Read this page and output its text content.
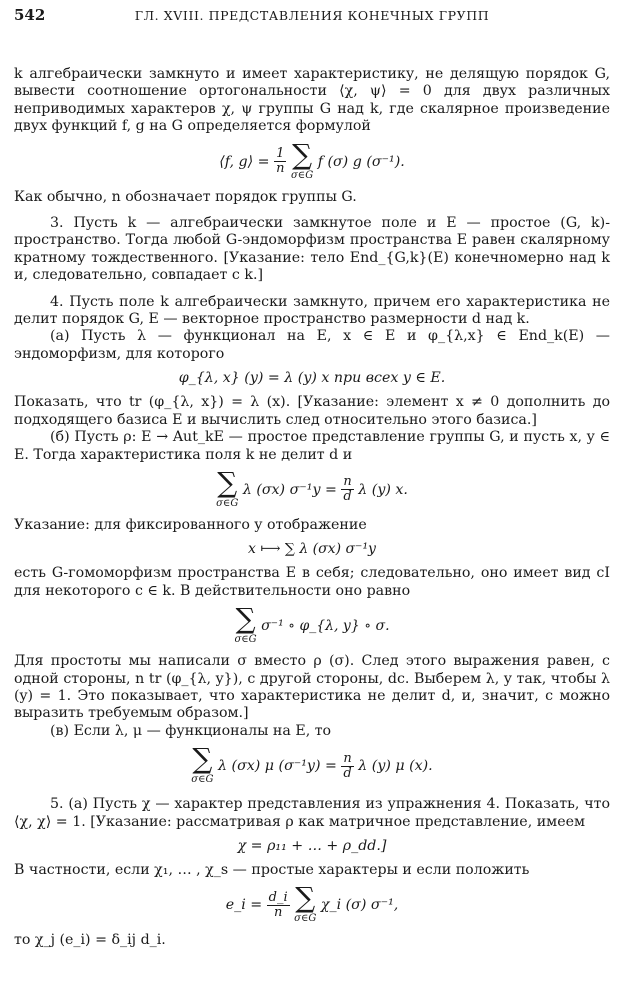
542	ГЛ. XVIII. ПРЕДСТАВЛЕНИЯ КОНЕЧНЫХ ГРУПП

k алгебраически замкнуто и имеет характеристику, не делящую порядок G, вывести соотношение ортогональности ⟨χ, ψ⟩ = 0 для двух различных неприводимых характеров χ, ψ группы G над k, где скалярное произведение двух функций f, g на G определяется формулой

⟨f, g⟩ = $\frac{1}{n}$
∑
σ∈G
f (σ) g (σ⁻¹).

Как обычно, n обозначает порядок группы G.

3. Пусть k — алгебраически замкнутое поле и E — простое (G, k)-пространство. Тогда любой G-эндоморфизм пространства E равен скалярному кратному тождественного. [Указание: тело End_{G,k}(E) конечномерно над k и, следовательно, совпадает с k.]

4. Пусть поле k алгебраически замкнуто, причем его характеристика не делит порядок G, E — векторное пространство размерности d над k.

(а) Пусть λ — функционал на E, x ∈ E и φ_{λ,x} ∈ End_k(E) — эндоморфизм, для которого

φ_{λ, x} (y) = λ (y) x при всех y ∈ E.

Показать, что tr (φ_{λ, x}) = λ (x). [Указание: элемент x ≠ 0 дополнить до подходящего базиса E и вычислить след относительно этого базиса.]

(б) Пусть ρ: E → Aut_kE — простое представление группы G, и пусть x, y ∈ E. Тогда характеристика поля k не делит d и

∑
σ∈G
λ (σx) $\sigma^{-1}y = \frac{n}{d}$ λ (y) x.

Указание: для фиксированного y отображение

x ⟼ ∑ λ (σx) σ⁻¹y

есть G-гомоморфизм пространства E в себя; следовательно, оно имеет вид cI для некоторого c ∈ k. В действительности оно равно

∑
σ∈G
σ⁻¹ ∘ φ_{λ, y} ∘ σ.

Для простоты мы написали σ вместо ρ (σ). След этого выражения равен, с одной стороны, n tr (φ_{λ, y}), с другой стороны, dc. Выберем λ, y так, чтобы λ (y) = 1. Это показывает, что характеристика не делит d, и, значит, c можно выразить требуемым образом.]

(в) Если λ, μ — функционалы на E, то

∑
σ∈G
λ (σx) μ $(\sigma^{-1}y) = \frac{n}{d}$ λ (y) μ (x).

5. (а) Пусть χ — характер представления из упражнения 4. Показать, что ⟨χ, χ⟩ = 1. [Указание: рассматривая ρ как матричное представление, имеем

χ = ρ₁₁ + … + ρ_dd.]

В частности, если χ₁, … , χ_s — простые характеры и если положить

e_i = $\frac{d\_i}{n}$
∑
σ∈G
χ_i (σ) σ⁻¹,

то χ_j (e_i) = δ_ij d_i.
